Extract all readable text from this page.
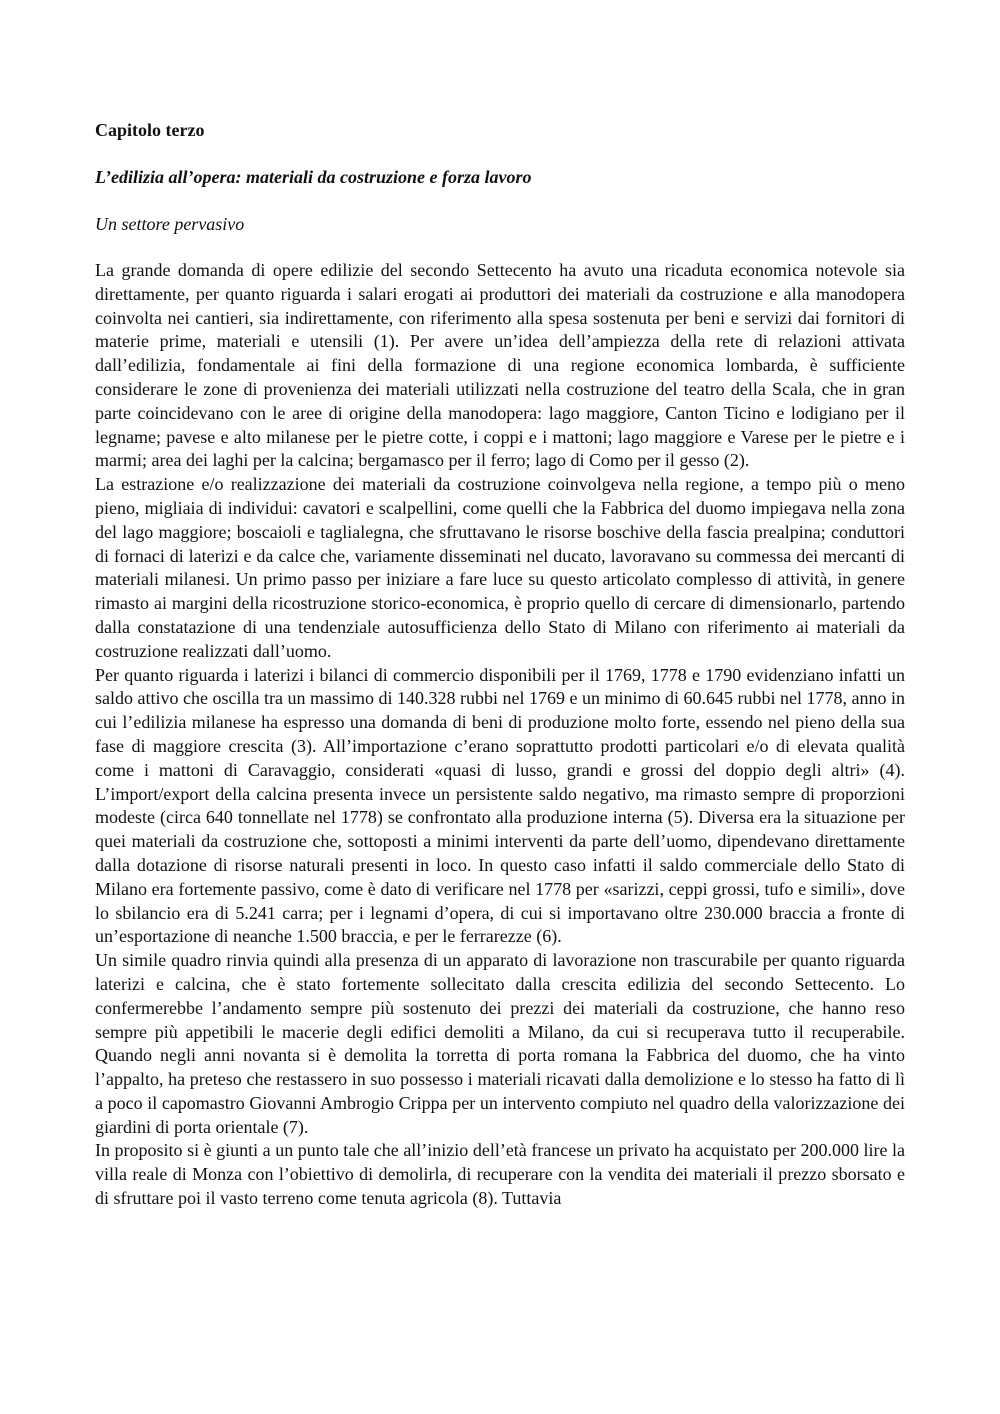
Capitolo terzo
L’edilizia all’opera: materiali da costruzione e forza lavoro
Un settore pervasivo

La grande domanda di opere edilizie del secondo Settecento ha avuto una ricaduta economica notevole sia direttamente, per quanto riguarda i salari erogati ai produttori dei materiali da costruzione e alla manodopera coinvolta nei cantieri, sia indirettamente, con riferimento alla spesa sostenuta per beni e servizi dai fornitori di materie prime, materiali e utensili (1). Per avere un’idea dell’ampiezza della rete di relazioni attivata dall’edilizia, fondamentale ai fini della formazione di una regione economica lombarda, è sufficiente considerare le zone di provenienza dei materiali utilizzati nella costruzione del teatro della Scala, che in gran parte coincidevano con le aree di origine della manodopera: lago maggiore, Canton Ticino e lodigiano per il legname; pavese e alto milanese per le pietre cotte, i coppi e i mattoni; lago maggiore e Varese per le pietre e i marmi; area dei laghi per la calcina; bergamasco per il ferro; lago di Como per il gesso (2).

La estrazione e/o realizzazione dei materiali da costruzione coinvolgeva nella regione, a tempo più o meno pieno, migliaia di individui: cavatori e scalpellini, come quelli che la Fabbrica del duomo impiegava nella zona del lago maggiore; boscaioli e taglialegna, che sfruttavano le risorse boschive della fascia prealpina; conduttori di fornaci di laterizi e da calce che, variamente disseminati nel ducato, lavoravano su commessa dei mercanti di materiali milanesi. Un primo passo per iniziare a fare luce su questo articolato complesso di attività, in genere rimasto ai margini della ricostruzione storico-economica, è proprio quello di cercare di dimensionarlo, partendo dalla constatazione di una tendenziale autosufficienza dello Stato di Milano con riferimento ai materiali da costruzione realizzati dall’uomo.

Per quanto riguarda i laterizi i bilanci di commercio disponibili per il 1769, 1778 e 1790 evidenziano infatti un saldo attivo che oscilla tra un massimo di 140.328 rubbi nel 1769 e un minimo di 60.645 rubbi nel 1778, anno in cui l’edilizia milanese ha espresso una domanda di beni di produzione molto forte, essendo nel pieno della sua fase di maggiore crescita (3). All’importazione c’erano soprattutto prodotti particolari e/o di elevata qualità come i mattoni di Caravaggio, considerati «quasi di lusso, grandi e grossi del doppio degli altri» (4). L’import/export della calcina presenta invece un persistente saldo negativo, ma rimasto sempre di proporzioni modeste (circa 640 tonnellate nel 1778) se confrontato alla produzione interna (5). Diversa era la situazione per quei materiali da costruzione che, sottoposti a minimi interventi da parte dell’uomo, dipendevano direttamente dalla dotazione di risorse naturali presenti in loco. In questo caso infatti il saldo commerciale dello Stato di Milano era fortemente passivo, come è dato di verificare nel 1778 per «sarizzi, ceppi grossi, tufo e simili», dove lo sbilancio era di 5.241 carra; per i legnami d’opera, di cui si importavano oltre 230.000 braccia a fronte di un’esportazione di neanche 1.500 braccia, e per le ferrarezze (6).

Un simile quadro rinvia quindi alla presenza di un apparato di lavorazione non trascurabile per quanto riguarda laterizi e calcina, che è stato fortemente sollecitato dalla crescita edilizia del secondo Settecento. Lo confermerebbe l’andamento sempre più sostenuto dei prezzi dei materiali da costruzione, che hanno reso sempre più appetibili le macerie degli edifici demoliti a Milano, da cui si recuperava tutto il recuperabile. Quando negli anni novanta si è demolita la torretta di porta romana la Fabbrica del duomo, che ha vinto l’appalto, ha preteso che restassero in suo possesso i materiali ricavati dalla demolizione e lo stesso ha fatto di lì a poco il capomastro Giovanni Ambrogio Crippa per un intervento compiuto nel quadro della valorizzazione dei giardini di porta orientale (7).

In proposito si è giunti a un punto tale che all’inizio dell’età francese un privato ha acquistato per 200.000 lire la villa reale di Monza con l’obiettivo di demolirla, di recuperare con la vendita dei materiali il prezzo sborsato e di sfruttare poi il vasto terreno come tenuta agricola (8). Tuttavia
